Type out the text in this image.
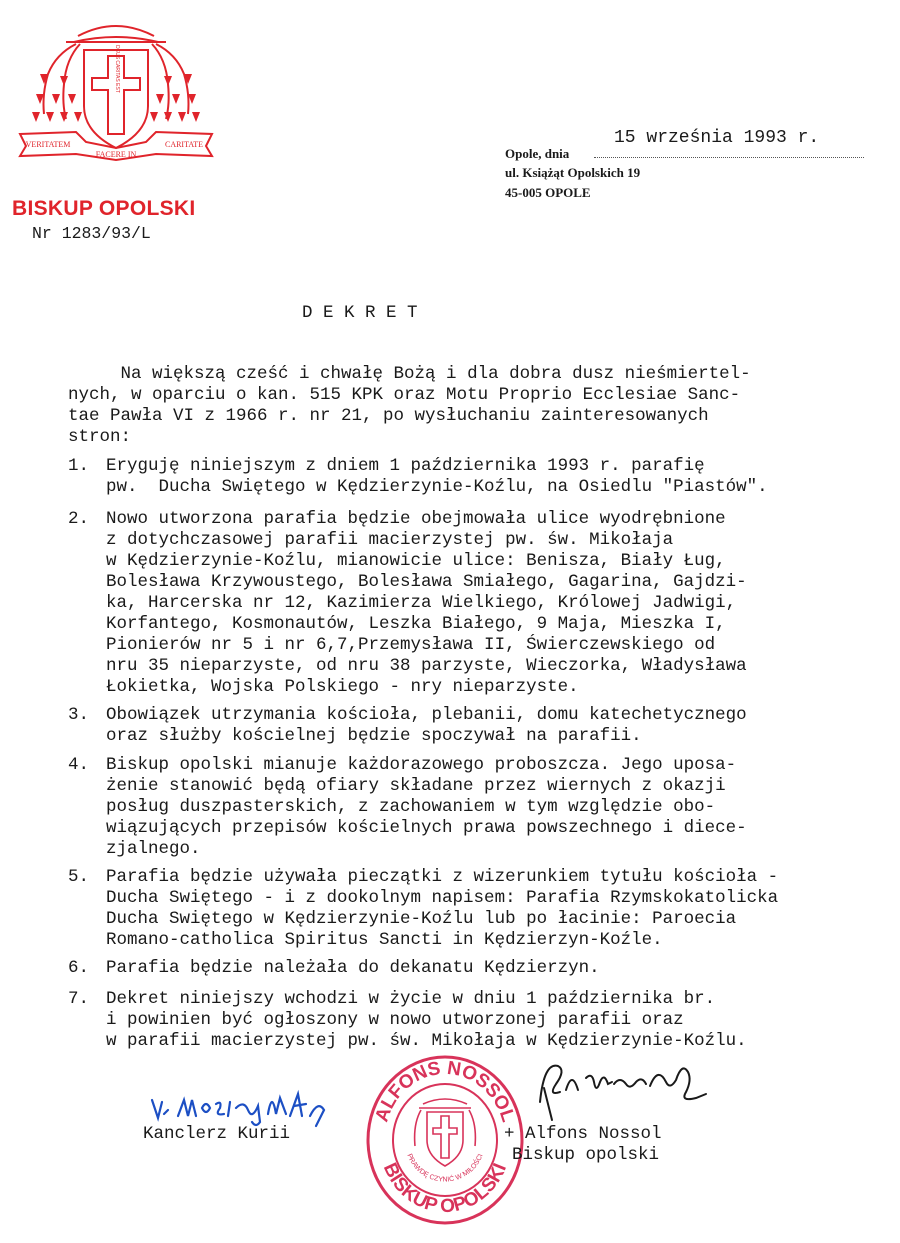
DEUS CARITAS EST
VERITATEM
FACERE IN
CARITATE
BISKUP OPOLSKI
Nr 1283/93/L
15 września 1993 r.
Opole, dnia
ul. Książąt Opolskich 19
45-005 OPOLE
D E K R E T
Na większą cześć i chwałę Bożą i dla dobra dusz nieśmiertel-
nych, w oparciu o kan. 515 KPK oraz Motu Proprio Ecclesiae Sanc-
tae Pawła VI z 1966 r. nr 21, po wysłuchaniu zainteresowanych
stron:
1. Eryguję niniejszym z dniem 1 października 1993 r. parafię
pw.  Ducha Swiętego w Kędzierzynie-Koźlu, na Osiedlu "Piastów".
2. Nowo utworzona parafia będzie obejmowała ulice wyodrębnione
z dotychczasowej parafii macierzystej pw. św. Mikołaja
w Kędzierzynie-Koźlu, mianowicie ulice: Benisza, Biały Ług,
Bolesława Krzywoustego, Bolesława Smiałego, Gagarina, Gajdzi-
ka, Harcerska nr 12, Kazimierza Wielkiego, Królowej Jadwigi,
Korfantego, Kosmonautów, Leszka Białego, 9 Maja, Mieszka I,
Pionierów nr 5 i nr 6,7,Przemysława II, Świerczewskiego od
nru 35 nieparzyste, od nru 38 parzyste, Wieczorka, Władysława
Łokietka, Wojska Polskiego - nry nieparzyste.
3. Obowiązek utrzymania kościoła, plebanii, domu katechetycznego
oraz służby kościelnej będzie spoczywał na parafii.
4. Biskup opolski mianuje każdorazowego proboszcza. Jego uposa-
żenie stanowić będą ofiary składane przez wiernych z okazji
posług duszpasterskich, z zachowaniem w tym względzie obo-
wiązujących przepisów kościelnych prawa powszechnego i diece-
zjalnego.
5. Parafia będzie używała pieczątki z wizerunkiem tytułu kościoła -
Ducha Swiętego - i z dookolnym napisem: Parafia Rzymskokatolicka
Ducha Swiętego w Kędzierzynie-Koźlu lub po łacinie: Paroecia
Romano-catholica Spiritus Sancti in Kędzierzyn-Koźle.
6. Parafia będzie należała do dekanatu Kędzierzyn.
7. Dekret niniejszy wchodzi w życie w dniu 1 października br.
i powinien być ogłoszony w nowo utworzonej parafii oraz
w parafii macierzystej pw. św. Mikołaja w Kędzierzynie-Koźlu.
Kanclerz Kurii
ALFONS NOSSOL
BISKUP OPOLSKI
PRAWDĘ CZYNIĆ W MIŁOŚCI
+ Alfons Nossol
Biskup opolski
